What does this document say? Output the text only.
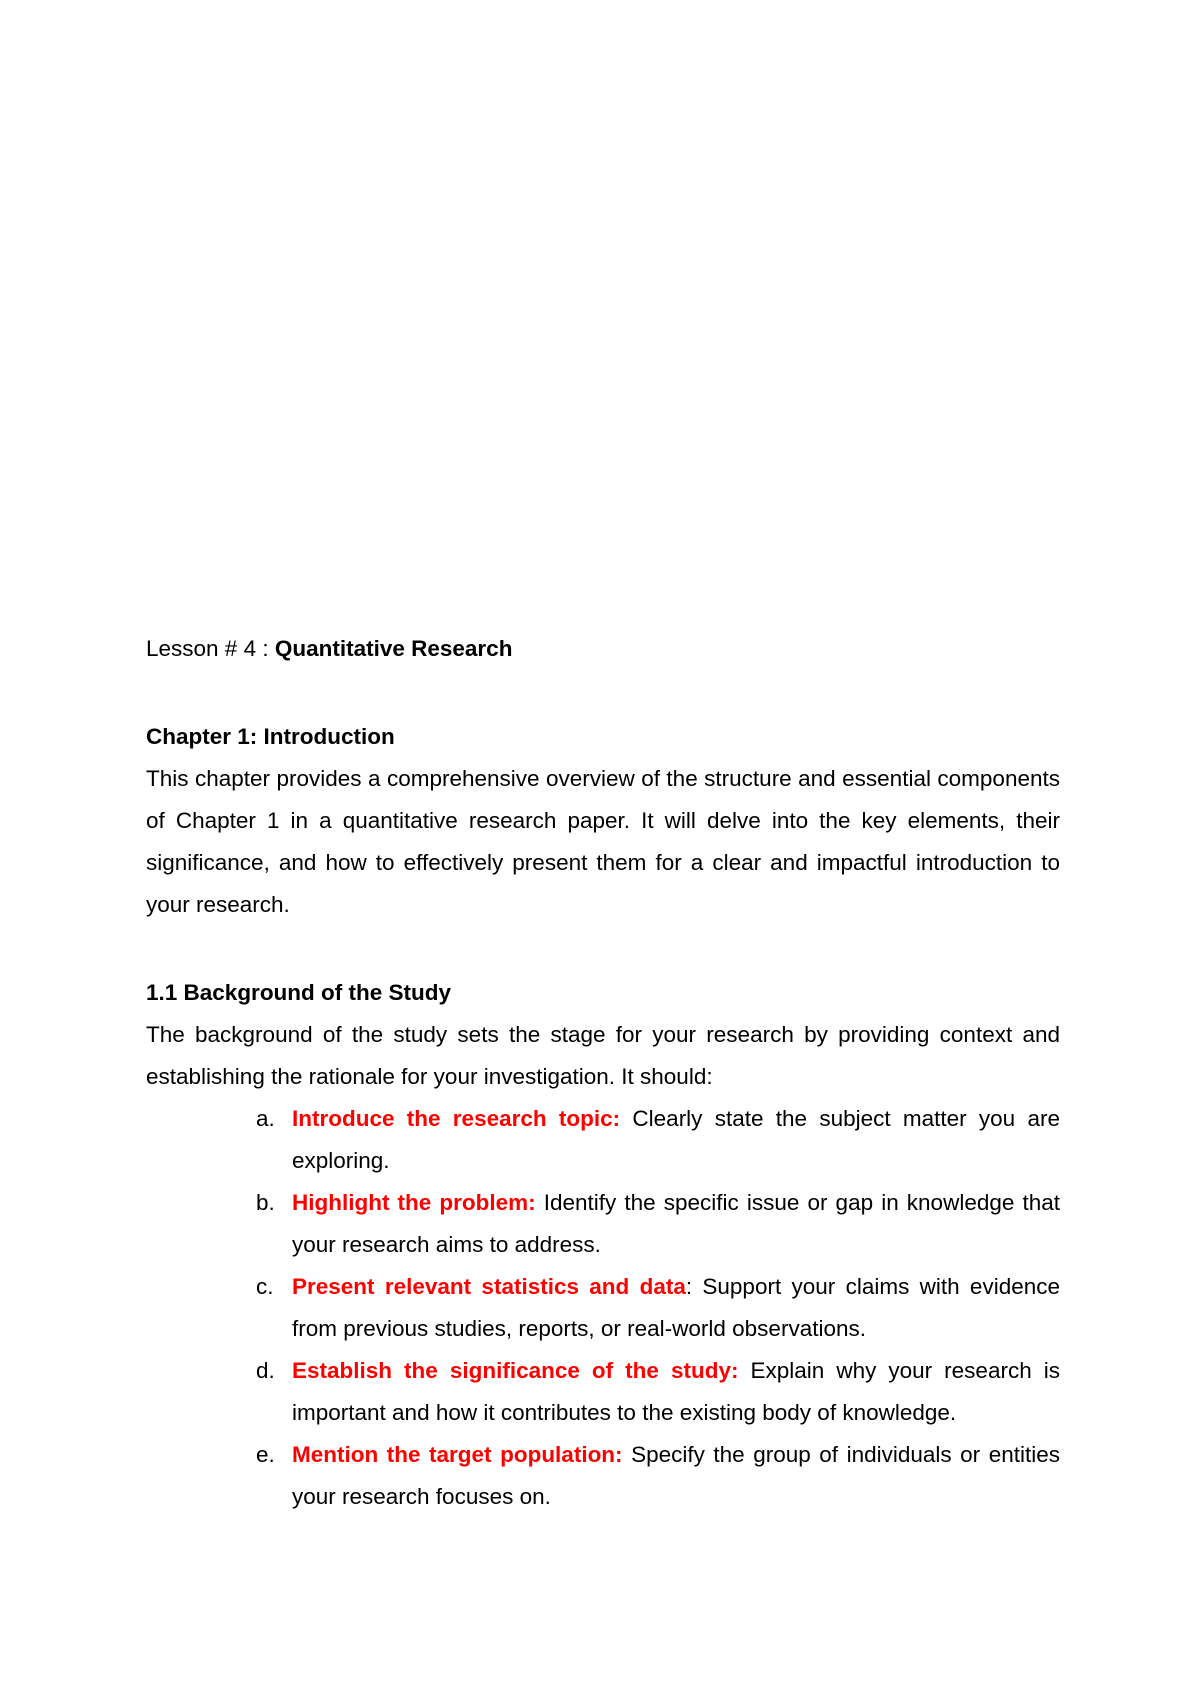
Lesson # 4 : Quantitative Research

Chapter 1: Introduction

This chapter provides a comprehensive overview of the structure and essential components of Chapter 1 in a quantitative research paper. It will delve into the key elements, their significance, and how to effectively present them for a clear and impactful introduction to your research.

1.1 Background of the Study

The background of the study sets the stage for your research by providing context and establishing the rationale for your investigation. It should:

a. Introduce the research topic: Clearly state the subject matter you are exploring.
b. Highlight the problem: Identify the specific issue or gap in knowledge that your research aims to address.
c. Present relevant statistics and data: Support your claims with evidence from previous studies, reports, or real-world observations.
d. Establish the significance of the study: Explain why your research is important and how it contributes to the existing body of knowledge.
e. Mention the target population: Specify the group of individuals or entities your research focuses on.
